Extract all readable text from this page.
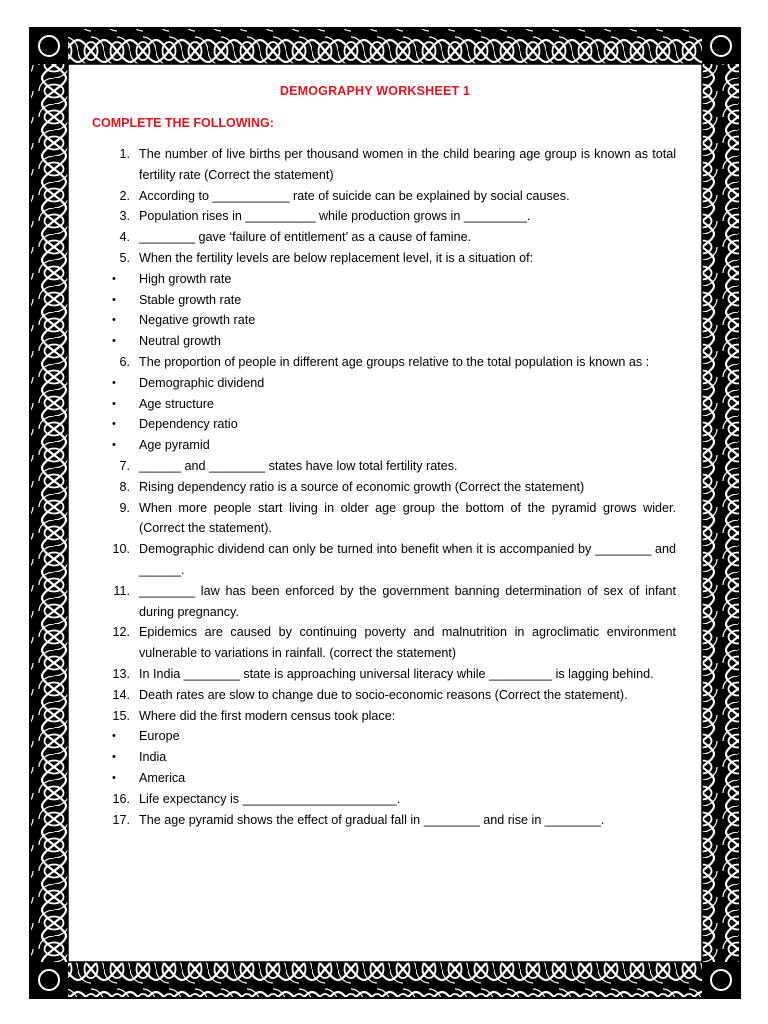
DEMOGRAPHY WORKSHEET 1
COMPLETE THE FOLLOWING:
1. The number of live births per thousand women in the child bearing age group is known as total fertility rate (Correct the statement)
2. According to ___________ rate of suicide can be explained by social causes.
3. Population rises in __________ while production grows in _________.
4. ________ gave ‘failure of entitlement’ as a cause of famine.
5. When the fertility levels are below replacement level, it is a situation of:
•	High growth rate
•	Stable growth rate
•	Negative growth rate
•	Neutral growth
6. The proportion of people in different age groups relative to the total population is known as :
•	Demographic dividend
•	Age structure
•	Dependency ratio
•	Age pyramid
7. ______ and ________ states have low total fertility rates.
8. Rising dependency ratio is a source of economic growth (Correct the statement)
9. When more people start living in older age group the bottom of the pyramid grows wider. (Correct the statement).
10. Demographic dividend can only be turned into benefit when it is accompanied by ________ and ______.
11. ________ law has been enforced by the government banning determination of sex of infant during pregnancy.
12. Epidemics are caused by continuing poverty and malnutrition in agroclimatic environment vulnerable to variations in rainfall. (correct the statement)
13. In India ________ state is approaching universal literacy while _________ is lagging behind.
14. Death rates are slow to change due to socio-economic reasons (Correct the statement).
15. Where did the first modern census took place:
•	Europe
•	India
•	America
16. Life expectancy is ______________________.
17. The age pyramid shows the effect of gradual fall in ________ and rise in ________.
